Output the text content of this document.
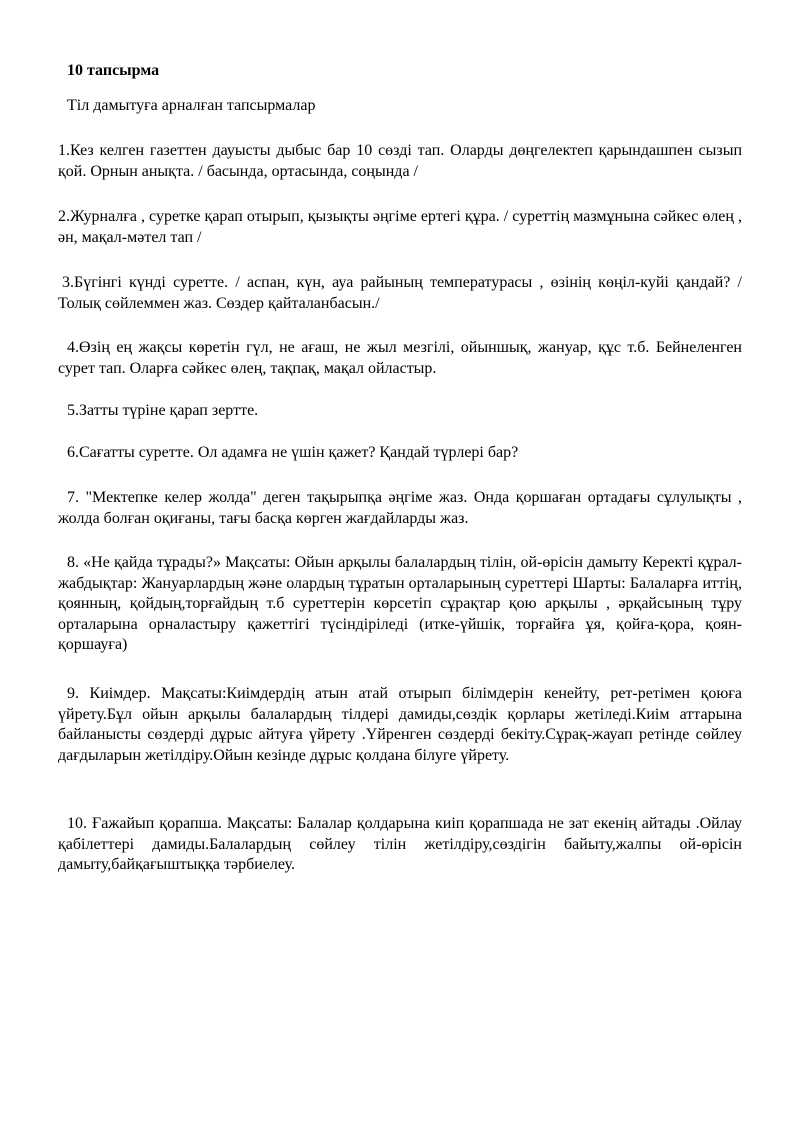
10 тапсырма

Тіл дамытуға арналған тапсырмалар

1.Кез келген газеттен дауысты дыбыс бар 10 сөзді тап. Оларды дөңгелектеп қарындашпен сызып қой. Орнын анықта. / басында, ортасында, соңында /

2.Журналға , суретке қарап отырып, қызықты әңгіме ертегі құра. / суреттің мазмұнына сәйкес өлең , ән, мақал-мәтел тап /

3.Бүгінгі күнді суретте. / аспан, күн, ауа райының температурасы , өзінің көңіл-куйі қандай? / Толық сөйлеммен жаз. Сөздер қайталанбасын./

4.Өзің ең жақсы көретін гүл, не ағаш, не жыл мезгілі, ойыншық, жануар, құс т.б. Бейнеленген сурет тап. Оларға сәйкес өлең, тақпақ, мақал ойластыр.

5.Затты түріне қарап зертте.

6.Сағатты суретте. Ол адамға не үшін қажет? Қандай түрлері бар?

7. "Мектепке келер жолда" деген тақырыпқа әңгіме жаз. Онда қоршаған ортадағы сұлулықты , жолда болған оқиғаны, тағы басқа көрген жағдайларды жаз.

8. «Не қайда тұрады?» Мақсаты: Ойын арқылы балалардың тілін, ой-өрісін дамыту Керекті құрал-жабдықтар: Жануарлардың және олардың тұратын орталарының суреттері Шарты: Балаларға иттің, қоянның, қойдың,торғайдың т.б суреттерін көрсетіп сұрақтар қою арқылы , әрқайсының тұру орталарына орналастыру қажеттігі түсіндіріледі (итке-үйшік, торғайға ұя, қойға-қора, қоян-қоршауға)

9. Киімдер. Мақсаты:Киімдердің атын атай отырып білімдерін кенейту, рет-ретімен қоюға үйрету.Бұл ойын арқылы балалардың тілдері дамиды,сөздік қорлары жетіледі.Киім аттарына байланысты сөздерді дұрыс айтуға үйрету .Үйренген сөздерді бекіту.Сұрақ-жауап ретінде сөйлеу дағдыларын жетілдіру.Ойын кезінде дұрыс қолдана білуге үйрету.

10. Ғажайып қорапша. Мақсаты: Балалар қолдарына киіп қорапшада не зат екенің айтады .Ойлау қабілеттері дамиды.Балалардың сөйлеу тілін жетілдіру,сөздігін байыту,жалпы ой-өрісін дамыту,байқағыштыққа тәрбиелеу.
